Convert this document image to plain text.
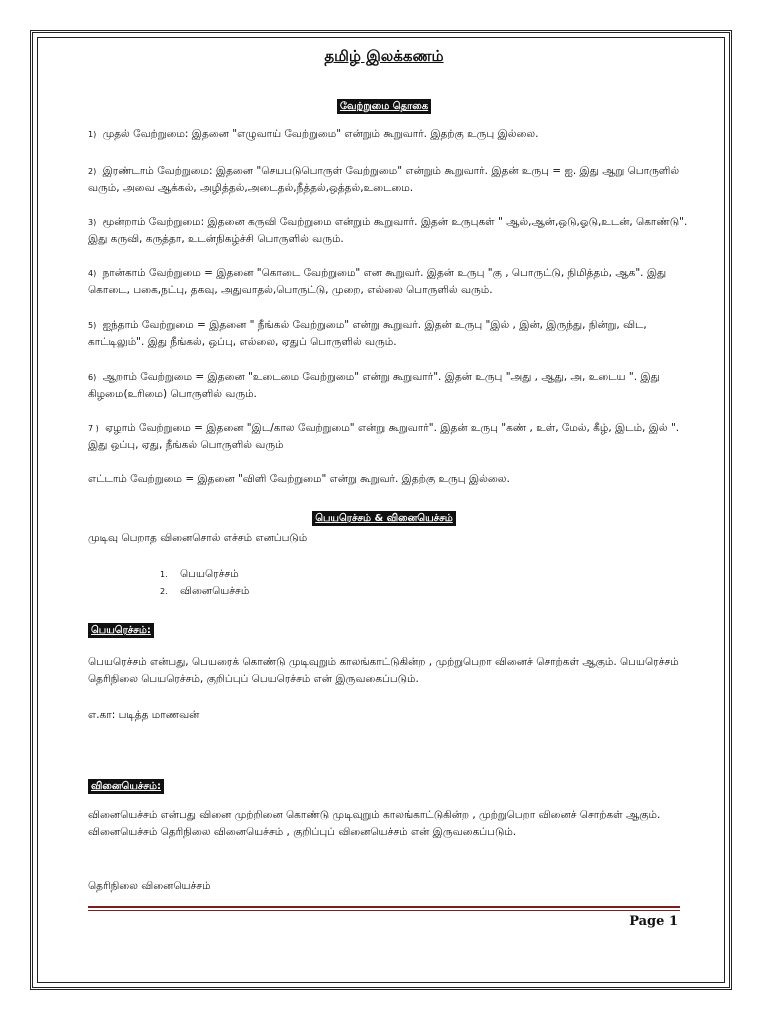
தமிழ் இலக்கணம்

வேற்றுமை தொகை

1) முதல் வேற்றுமை: இதனை "எழுவாய் வேற்றுமை" என்றும் கூறுவார். இதற்கு உருபு இல்லை.

2) இரண்டாம் வேற்றுமை: இதனை "செயபடுபொருள் வேற்றுமை" என்றும் கூறுவார். இதன் உருபு = ஐ. இது ஆறு பொருளில் வரும், அவை ஆக்கல், அழித்தல்,அடைதல்,நீத்தல்,ஒத்தல்,உடைமை.

3) மூன்றாம் வேற்றுமை: இதனை கருவி வேற்றுமை என்றும் கூறுவார். இதன் உருபுகள் " ஆல்,ஆன்,ஒடு,ஓடு,உடன், கொண்டு". இது கருவி, கருத்தா, உடன்நிகழ்ச்சி பொருளில் வரும்.

4) நான்காம் வேற்றுமை = இதனை "கொடை வேற்றுமை" என கூறுவர். இதன் உருபு "கு , பொருட்டு, நிமித்தம், ஆக". இது கொடை, பகை,நட்பு, தகவு, அதுவாதல்,பொருட்டு, முறை, எல்லை பொருளில் வரும்.

5) ஐந்தாம் வேற்றுமை = இதனை " நீங்கல் வேற்றுமை" என்று கூறுவர். இதன் உருபு "இல் , இன், இருந்து, நின்று, விட, காட்டிலும்". இது நீங்கல், ஒப்பு, எல்லை, ஏதுப் பொருளில் வரும்.

6) ஆறாம் வேற்றுமை = இதனை "உடைமை வேற்றுமை" என்று கூறுவார்". இதன் உருபு "அது , ஆது, அ, உடைய ". இது கிழமை(உரிமை) பொருளில் வரும்.

7 ) ஏழாம் வேற்றுமை = இதனை "இட/கால வேற்றுமை" என்று கூறுவார்". இதன் உருபு "கண் , உள், மேல், கீழ், இடம், இல் ". இது ஒப்பு, ஏது, நீங்கல் பொருளில் வரும்

எட்டாம் வேற்றுமை = இதனை "விளி வேற்றுமை" என்று கூறுவர். இதற்கு உருபு இல்லை.

பெயரெச்சம் & வினையெச்சம்

முடிவு பெறாத வினைசொல் எச்சம் எனப்படும்

1.	பெயரெச்சம்
2.	வினையெச்சம்

பெயரெச்சம்:

பெயரெச்சம் என்பது, பெயரைக் கொண்டு முடிவுறும் காலங்காட்டுகின்ற , முற்றுபெறா வினைச் சொற்கள் ஆகும். பெயரெச்சம் தெரிநிலை பெயரெச்சம், குறிப்புப் பெயரெச்சம் என் இருவகைப்படும்.

எ.கா: படித்த மாணவன்

வினையெச்சம்:

வினையெச்சம் என்பது வினை முற்றினை கொண்டு முடிவுறும் காலங்காட்டுகின்ற , முற்றுபெறா வினைச் சொற்கள் ஆகும். வினையெச்சம் தெரிநிலை வினையெச்சம் , குறிப்புப் வினையெச்சம் என் இருவகைப்படும்.

தெரிநிலை வினையெச்சம்

Page 1
